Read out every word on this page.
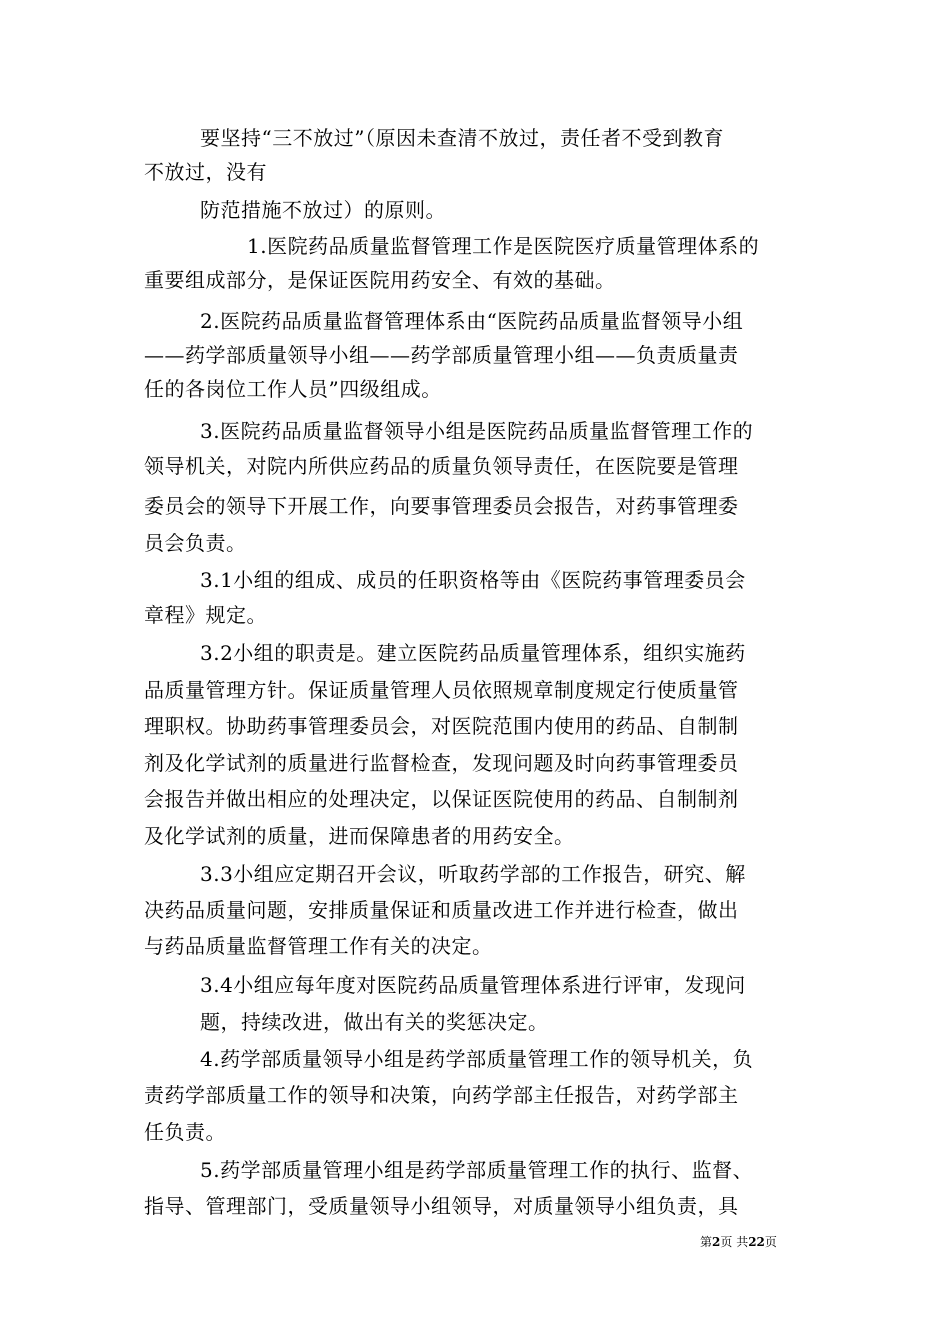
要坚持“三不放过”（原因未查清不放过，责任者不受到教育
不放过，没有
防范措施不放过）的原则。
1.医院药品质量监督管理工作是医院医疗质量管理体系的
重要组成部分，是保证医院用药安全、有效的基础。
2.医院药品质量监督管理体系由“医院药品质量监督领导小组
——药学部质量领导小组——药学部质量管理小组——负责质量责
任的各岗位工作人员”四级组成。
3.医院药品质量监督领导小组是医院药品质量监督管理工作的
领导机关，对院内所供应药品的质量负领导责任，在医院要是管理
委员会的领导下开展工作，向要事管理委员会报告，对药事管理委
员会负责。
3.1小组的组成、成员的任职资格等由《医院药事管理委员会
章程》规定。
3.2小组的职责是。建立医院药品质量管理体系，组织实施药
品质量管理方针。保证质量管理人员依照规章制度规定行使质量管
理职权。协助药事管理委员会，对医院范围内使用的药品、自制制
剂及化学试剂的质量进行监督检查，发现问题及时向药事管理委员
会报告并做出相应的处理决定，以保证医院使用的药品、自制制剂
及化学试剂的质量，进而保障患者的用药安全。
3.3小组应定期召开会议，听取药学部的工作报告，研究、解
决药品质量问题，安排质量保证和质量改进工作并进行检查，做出
与药品质量监督管理工作有关的决定。
3.4小组应每年度对医院药品质量管理体系进行评审，发现问
题，持续改进，做出有关的奖惩决定。
4.药学部质量领导小组是药学部质量管理工作的领导机关，负
责药学部质量工作的领导和决策，向药学部主任报告，对药学部主
任负责。
5.药学部质量管理小组是药学部质量管理工作的执行、监督、
指导、管理部门，受质量领导小组领导，对质量领导小组负责，具
第2页 共22页
